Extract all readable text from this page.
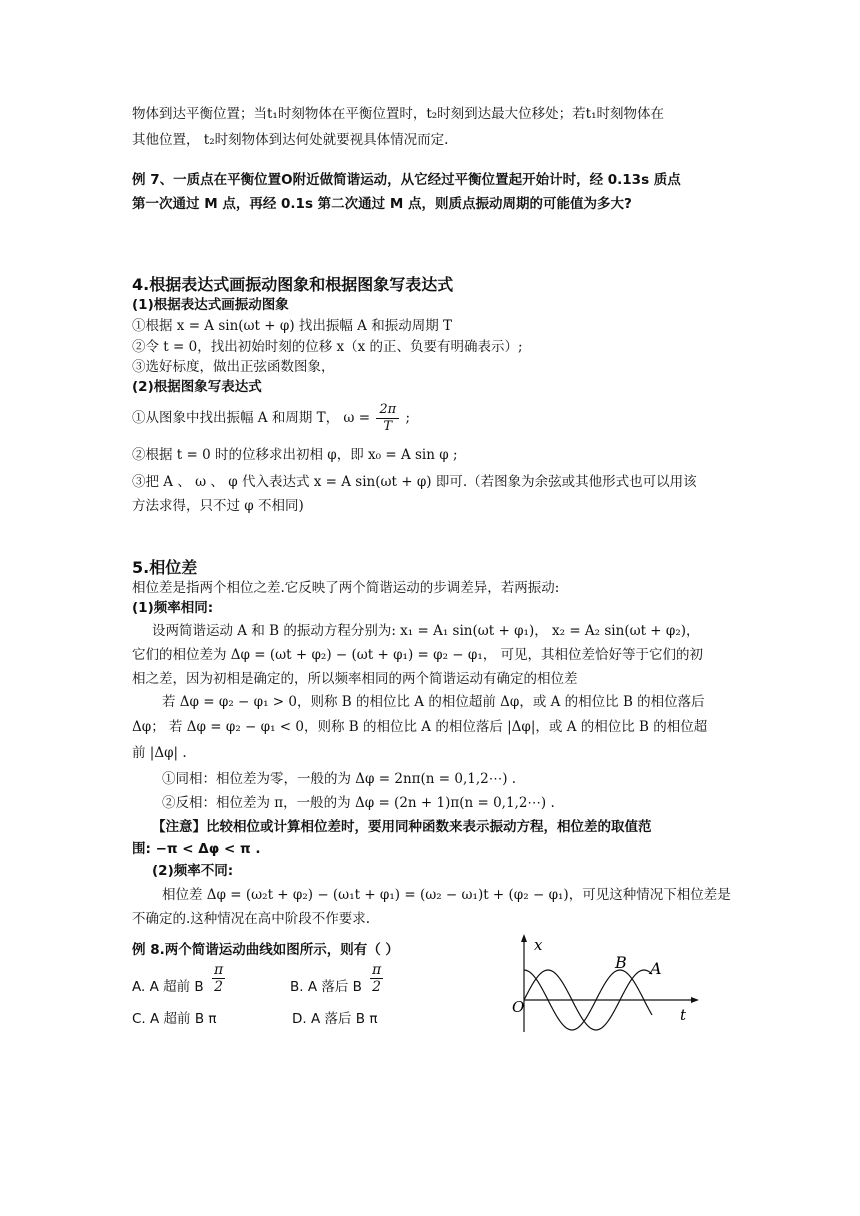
物体到达平衡位置；当t₁时刻物体在平衡位置时，t₂时刻到达最大位移处；若t₁时刻物体在
其他位置， t₂时刻物体到达何处就要视具体情况而定.
例 7、一质点在平衡位置O附近做简谐运动，从它经过平衡位置起开始计时，经 0.13s 质点
第一次通过 M 点，再经 0.1s 第二次通过 M 点，则质点振动周期的可能值为多大?
4.根据表达式画振动图象和根据图象写表达式
(1)根据表达式画振动图象
①根据 x = A sin(ωt + φ) 找出振幅 A 和振动周期 T
②令 t = 0，找出初始时刻的位移 x（x 的正、负要有明确表示）;
③选好标度，做出正弦函数图象，
(2)根据图象写表达式
①从图象中找出振幅 A 和周期 T， $\omega = \frac{2\pi}{T}$ ;
②根据 t = 0 时的位移求出初相 φ，即 x₀ = A sin φ ;
③把 A 、 ω 、 φ 代入表达式 x = A sin(ωt + φ) 即可.（若图象为余弦或其他形式也可以用该
方法求得，只不过 φ 不相同)
5.相位差
相位差是指两个相位之差.它反映了两个简谐运动的步调差异，若两振动:
(1)频率相同:
设两简谐运动 A 和 B 的振动方程分别为: x₁ = A₁ sin(ωt + φ₁)， x₂ = A₂ sin(ωt + φ₂)，
它们的相位差为 Δφ = (ωt + φ₂) − (ωt + φ₁) = φ₂ − φ₁， 可见，其相位差恰好等于它们的初
相之差，因为初相是确定的，所以频率相同的两个简谐运动有确定的相位差
若 Δφ = φ₂ − φ₁ > 0，则称 B 的相位比 A 的相位超前 Δφ，或 A 的相位比 B 的相位落后
Δφ； 若 Δφ = φ₂ − φ₁ < 0，则称 B 的相位比 A 的相位落后 |Δφ|，或 A 的相位比 B 的相位超
前 |Δφ| .
①同相：相位差为零，一般的为 Δφ = 2nπ(n = 0,1,2⋯) .
②反相：相位差为 π，一般的为 Δφ = (2n + 1)π(n = 0,1,2⋯) .
【注意】比较相位或计算相位差时，要用同种函数来表示振动方程，相位差的取值范
围: −π < Δφ < π .
(2)频率不同:
相位差 Δφ = (ω₂t + φ₂) − (ω₁t + φ₁) = (ω₂ − ω₁)t + (φ₂ − φ₁)，可见这种情况下相位差是
不确定的.这种情况在高中阶段不作要求.
例 8.两个简谐运动曲线如图所示，则有（ ）
A. A 超前 B $\frac{\pi}{2}$	B. A 落后 B $\frac{\pi}{2}$
C. A 超前 B π	D. A 落后 B π
x
O	t
B A
